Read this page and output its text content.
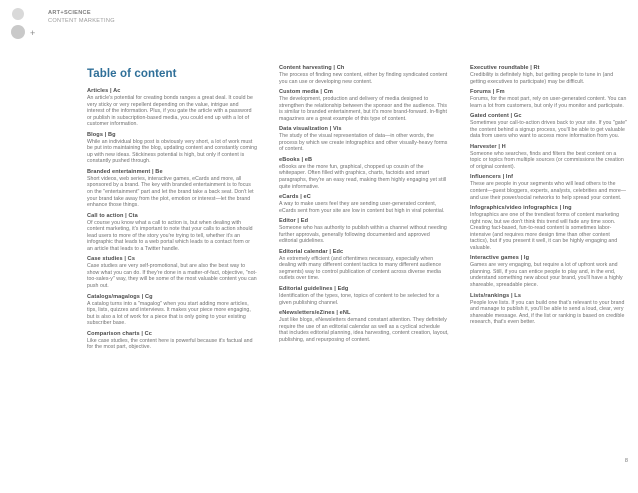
+
ART+SCIENCE
CONTENT MARKETING
Table of content
Articles | Ac
An article's potential for creating bonds ranges a great deal. It could be very sticky or very repellent depending on the value, intrigue and interest of the information. Plus, if you gate the article with a password or publish in subscription-based media, you could end up with a lot of customer information.
Blogs | Bg
While an individual blog post is obviously very short, a lot of work must be put into maintaining the blog, updating content and constantly coming up with new ideas. Stickiness potential is high, but only if content is constantly pushed through.
Branded entertainment | Be
Short videos, web series, interactive games, eCards and more, all sponsored by a brand. The key with branded entertainment is to focus on the "entertainment" part and let the brand take a back seat. Don't let your brand take away from the plot, emotion or interest—let the brand enhance those things.
Call to action | Cta
Of course you know what a call to action is, but when dealing with content marketing, it's important to note that your calls to action should lead users to more of the story you're trying to tell, whether it's an infographic that leads to a web portal which leads to a contact form or an article that leads to a Twitter handle.
Case studies | Cs
Case studies are very self-promotional, but are also the best way to show what you can do. If they're done in a matter-of-fact, objective, "not-too-sales-y" way, they will be some of the most valuable content you can push out.
Catalogs/magalogs | Cg
A catalog turns into a "magalog" when you start adding more articles, tips, lists, quizzes and interviews. It makes your piece more engaging, but is also a lot of work for a piece that is only going to your existing subscriber base.
Comparison charts | Cc
Like case studies, the content here is powerful because it's factual and for the most part, objective.
Content harvesting | Ch
The process of finding new content, either by finding syndicated content you can use or developing new content.
Custom media | Cm
The development, production and delivery of media designed to strengthen the relationship between the sponsor and the audience. This is similar to branded entertainment, but it's more brand-forward. In-flight magazines are a great example of this type of content.
Data visualization | Vis
The study of the visual representation of data—in other words, the process by which we create infographics and other visually-heavy forms of content.
eBooks | eB
eBooks are the more fun, graphical, chopped up cousin of the whitepaper. Often filled with graphics, charts, factoids and smart paragraphs, they're an easy read, making them highly engaging yet still quite informative.
eCards | eC
A way to make users feel they are sending user-generated content, eCards sent from your site are low in content but high in viral potential.
Editor | Ed
Someone who has authority to publish within a channel without needing further approvals, generally following documented and approved editorial guidelines.
Editorial calendar | Edc
An extremely efficient (and oftentimes necessary, especially when dealing with many different content tactics to many different audience segments) way to control publication of content across diverse media outlets over time.
Editorial guidelines | Edg
Identification of the types, tone, topics of content to be selected for a given publishing channel.
eNewsletters/eZines | eNL
Just like blogs, eNewsletters demand constant attention. They definitely require the use of an editorial calendar as well as a cyclical schedule that includes editorial planning, idea harvesting, content creation, layout, publishing, and repurposing of content.
Executive roundtable | Rt
Credibility is definitely high, but getting people to tune in (and getting executives to participate) may be difficult.
Forums | Fm
Forums, for the most part, rely on user-generated content. You can learn a lot from customers, but only if you monitor and participate.
Gated content | Gc
Sometimes your call-to-action drives back to your site. If you "gate" the content behind a signup process, you'll be able to get valuable data from users who want to access more information from you.
Harvester | H
Someone who searches, finds and filters the best content on a topic or topics from multiple sources (or commissions the creation of original content).
Influencers | Inf
These are people in your segments who will lead others to the content—guest bloggers, experts, analysts, celebrities and more—and use their power/social networks to help spread your content.
Infographics/video infographics | Ing
Infographics are one of the trendiest forms of content marketing right now, but we don't think this trend will fade any time soon. Creating fact-based, fun-to-read content is sometimes labor-intensive (and requires more design time than other content tactics), but if you present it well, it can be highly engaging and valuable.
Interactive games | Ig
Games are very engaging, but require a lot of upfront work and planning. Still, if you can entice people to play and, in the end, understand something new about your brand, you'll have a highly shareable, spreadable piece.
Lists/rankings | Ls
People love lists. If you can build one that's relevant to your brand and manage to publish it, you'll be able to send a loud, clear, very shareable message. And, if the list or ranking is based on credible research, that's even better.
8
